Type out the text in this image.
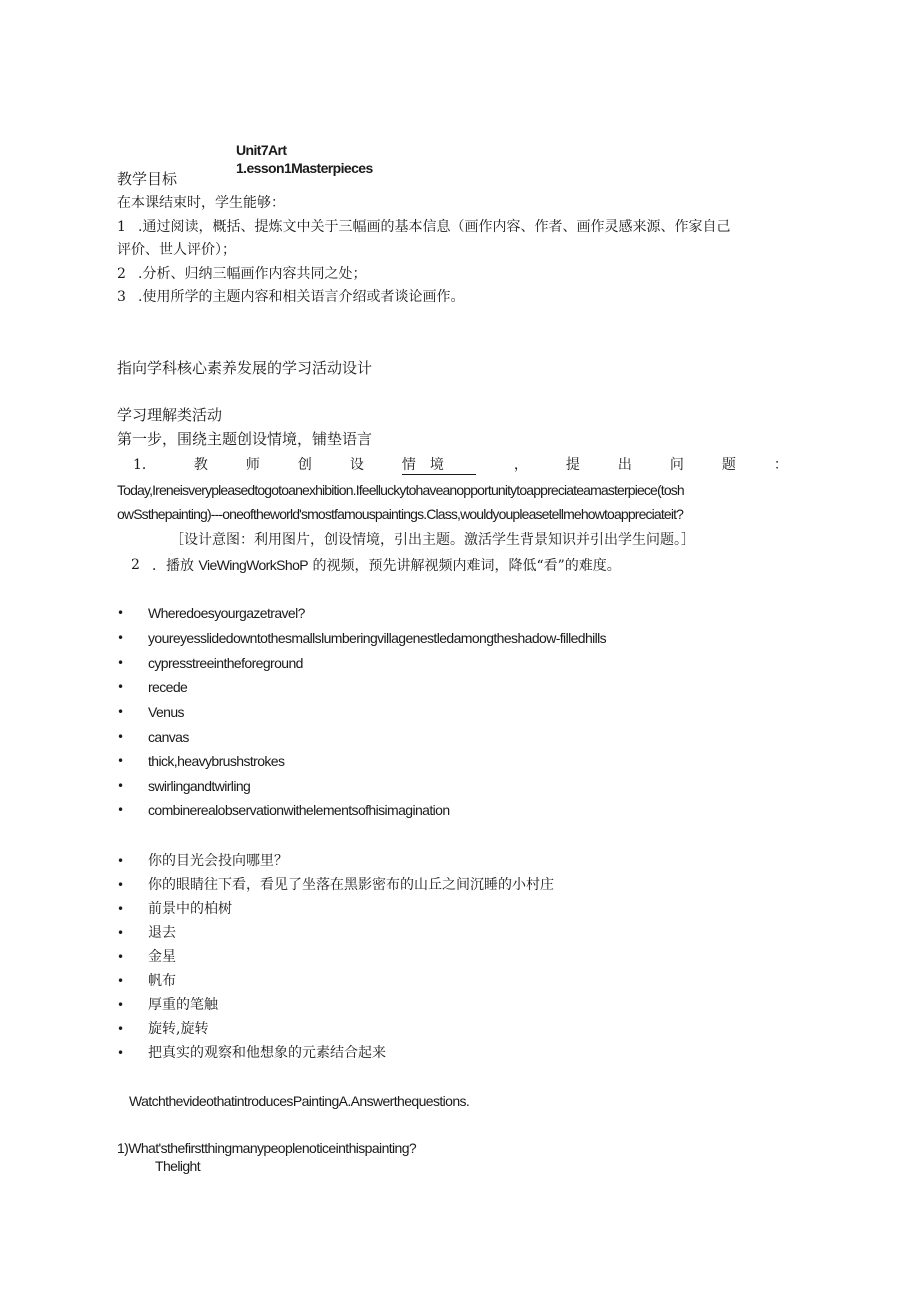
Unit7Art
1.esson1Masterpieces
教学目标
在本课结束时，学生能够：
1 .通过阅读，概括、提炼文中关于三幅画的基本信息（画作内容、作者、画作灵感来源、作家自己
评价、世人评价）；
2 .分析、归纳三幅画作内容共同之处；
3 .使用所学的主题内容和相关语言介绍或者谈论画作。
指向学科核心素养发展的学习活动设计
学习理解类活动
第一步，围绕主题创设情境，铺垫语言
1．	教	师	创	设	情境	，	提	出	问	题	：
Today,Ireneisverypleasedtogotoanexhibition.Ifeelluckytohaveanopportunitytoappreciateamasterpiece(tosh
owSsthepainting)---oneoftheworld'smostfamouspaintings.Class,wouldyoupleasetellmehowtoappreciateit?
［设计意图：利用图片，创设情境，引出主题。激活学生背景知识并引出学生问题。］
2 ．播放 VieWingWorkShoP 的视频，预先讲解视频内难词，降低“看”的难度。
• Wheredoesyourgazetravel?
• youreyesslidedowntothesmallslumberingvillagenestledamongtheshadow-filledhills
• cypresstreeintheforeground
• recede
• Venus
• canvas
• thick,heavybrushstrokes
• swirlingandtwirling
• combinerealobservationwithelementsofhisimagination
• 你的目光会投向哪里？
• 你的眼睛往下看，看见了坐落在黑影密布的山丘之间沉睡的小村庄
• 前景中的柏树
• 退去
• 金星
• 帆布
• 厚重的笔触
• 旋转,旋转
• 把真实的观察和他想象的元素结合起来
WatchthevideothatintroducesPaintingA.Answerthequestions.
1)What'sthefirstthingmanypeoplenoticeinthispainting?
Thelight
